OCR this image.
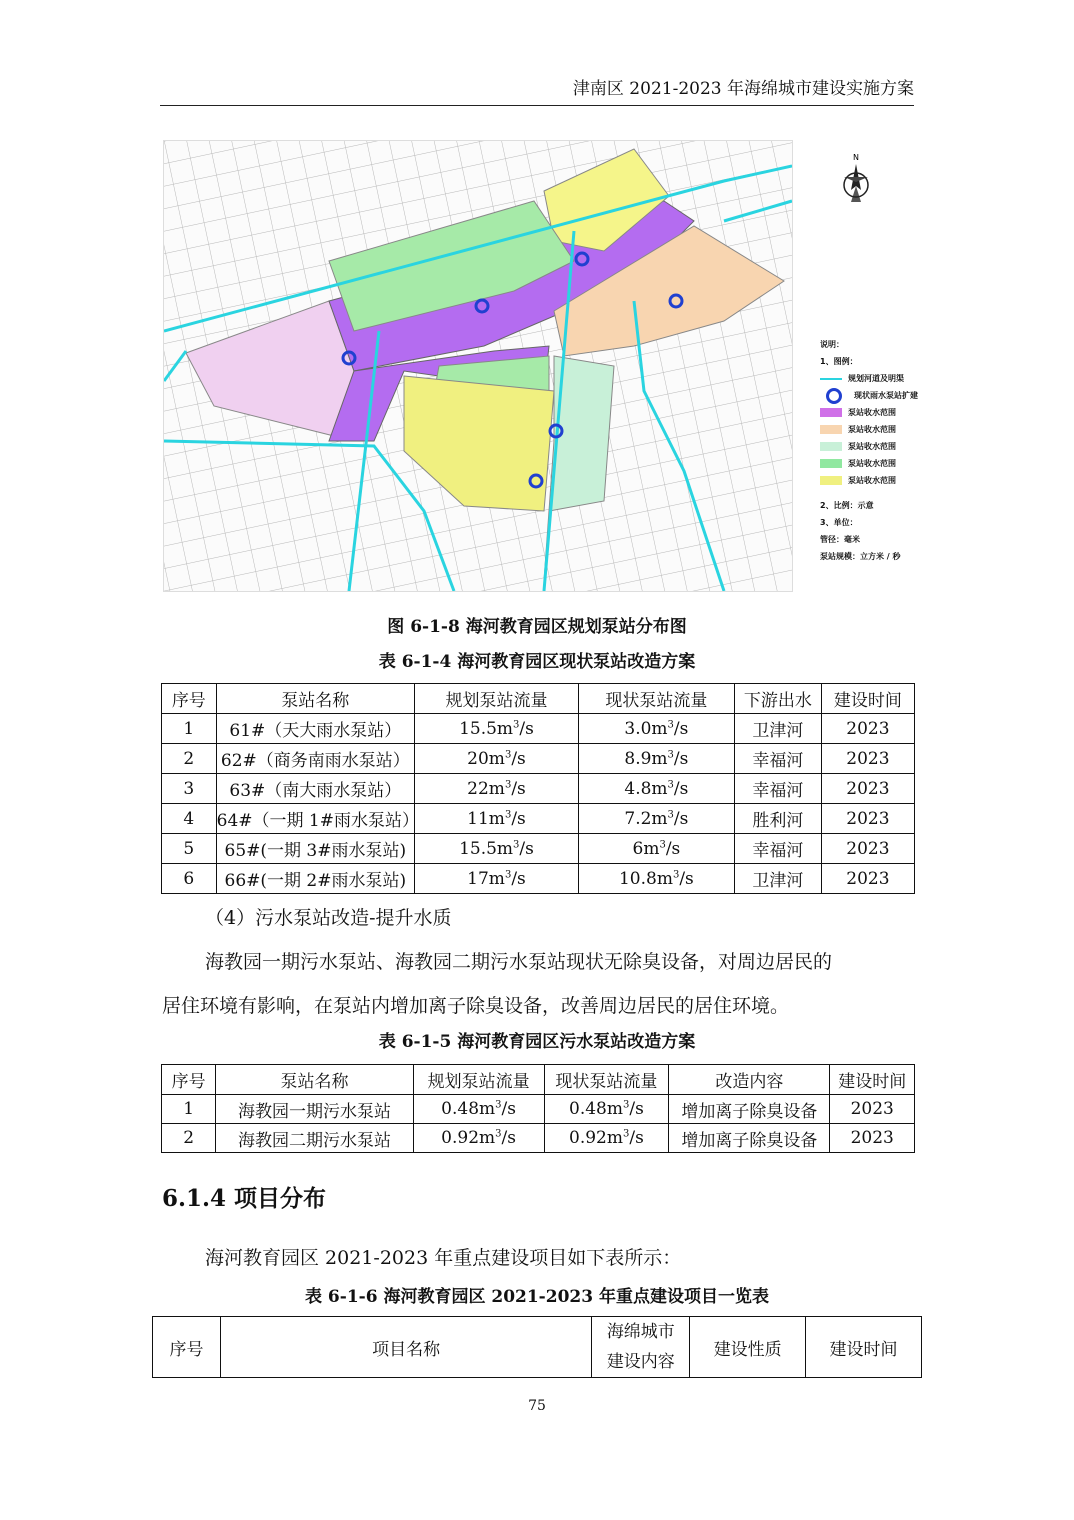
津南区 2021-2023 年海绵城市建设实施方案
N
说明：
1、图例：
规划河道及明渠
现状雨水泵站扩建
泵站收水范围
泵站收水范围
泵站收水范围
泵站收水范围
泵站收水范围
2、比例：示意
3、单位：
管径：毫米
泵站规模：立方米 / 秒
图 6-1-8 海河教育园区规划泵站分布图
表 6-1-4 海河教育园区现状泵站改造方案
序号	泵站名称	规划泵站流量	现状泵站流量	下游出水	建设时间
1	61#（天大雨水泵站）	$15.5m^3/s$	$3.0m^3/s$	卫津河	2023
2	62#（商务南雨水泵站）	$20m^3/s$	$8.9m^3/s$	幸福河	2023
3	63#（南大雨水泵站）	$22m^3/s$	$4.8m^3/s$	幸福河	2023
4	64#（一期 1#雨水泵站）	$11m^3/s$	$7.2m^3/s$	胜利河	2023
5	65#(一期 3#雨水泵站)	$15.5m^3/s$	$6m^3/s$	幸福河	2023
6	66#(一期 2#雨水泵站)	$17m^3/s$	$10.8m^3/s$	卫津河	2023
（4）污水泵站改造-提升水质
海教园一期污水泵站、海教园二期污水泵站现状无除臭设备，对周边居民的
居住环境有影响，在泵站内增加离子除臭设备，改善周边居民的居住环境。
表 6-1-5 海河教育园区污水泵站改造方案
序号	泵站名称	规划泵站流量	现状泵站流量	改造内容	建设时间
1	海教园一期污水泵站	$0.48m^3/s$	$0.48m^3/s$	增加离子除臭设备	2023
2	海教园二期污水泵站	$0.92m^3/s$	$0.92m^3/s$	增加离子除臭设备	2023
6.1.4 项目分布
海河教育园区 2021-2023 年重点建设项目如下表所示：
表 6-1-6 海河教育园区 2021-2023 年重点建设项目一览表
序号	项目名称	海绵城市建设内容	建设性质	建设时间
75
